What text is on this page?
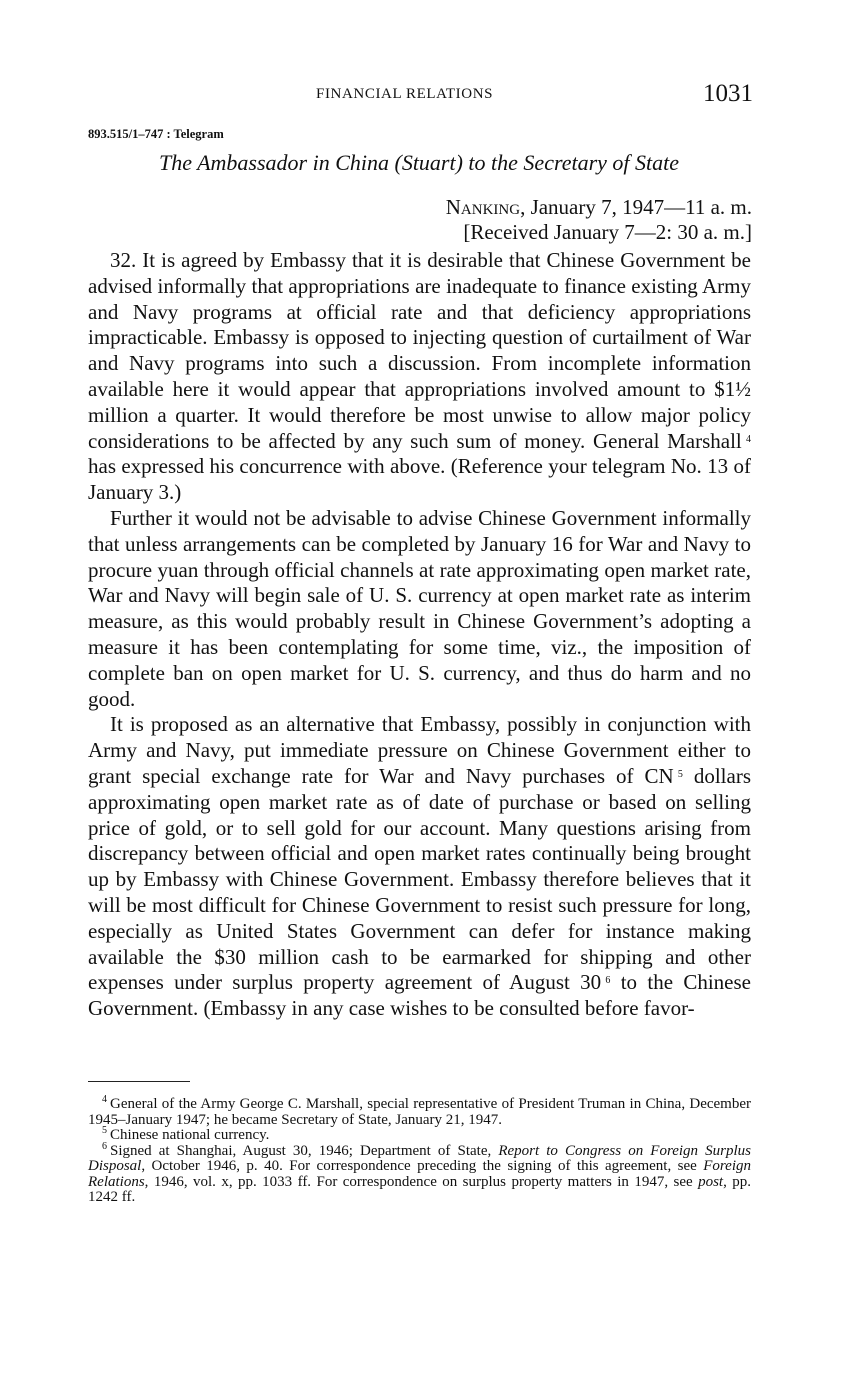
FINANCIAL RELATIONS	1031
893.515/1–747 : Telegram
The Ambassador in China (Stuart) to the Secretary of State
Nanking, January 7, 1947—11 a. m.
[Received January 7—2: 30 a. m.]

32. It is agreed by Embassy that it is desirable that Chinese Government be advised informally that appropriations are inadequate to finance existing Army and Navy programs at official rate and that deficiency appropriations impracticable. Embassy is opposed to injecting question of curtailment of War and Navy programs into such a discussion. From incomplete information available here it would appear that appropriations involved amount to $1½ million a quarter. It would therefore be most unwise to allow major policy considerations to be affected by any such sum of money. General Marshall  $^4$ has expressed his concurrence with above. (Reference your telegram No. 13 of January 3.)

Further it would not be advisable to advise Chinese Government informally that unless arrangements can be completed by January 16 for War and Navy to procure yuan through official channels at rate approximating open market rate, War and Navy will begin sale of U. S. currency at open market rate as interim measure, as this would probably result in Chinese Government’s adopting a measure it has been contemplating for some time, viz., the imposition of complete ban on open market for U. S. currency, and thus do harm and no good.

It is proposed as an alternative that Embassy, possibly in conjunction with Army and Navy, put immediate pressure on Chinese Government either to grant special exchange rate for War and Navy purchases of CN  $^5$ dollars approximating open market rate as of date of purchase or based on selling price of gold, or to sell gold for our account. Many questions arising from discrepancy between official and open market rates continually being brought up by Embassy with Chinese Government. Embassy therefore believes that it will be most difficult for Chinese Government to resist such pressure for long, especially as United States Government can defer for instance making available the $30 million cash to be earmarked for shipping and other expenses under surplus property agreement of August 30  $^6$ to the Chinese Government. (Embassy in any case wishes to be consulted before favor-

$^4$  General of the Army George C. Marshall, special representative of President Truman in China, December 1945–January 1947; he became Secretary of State, January 21, 1947.

$^5$  Chinese national currency.

$^6$  Signed at Shanghai, August 30, 1946; Department of State, Report to Congress on Foreign Surplus Disposal, October 1946, p. 40. For correspondence preceding the signing of this agreement, see Foreign Relations, 1946, vol. x, pp. 1033 ff. For correspondence on surplus property matters in 1947, see post, pp. 1242 ff.
